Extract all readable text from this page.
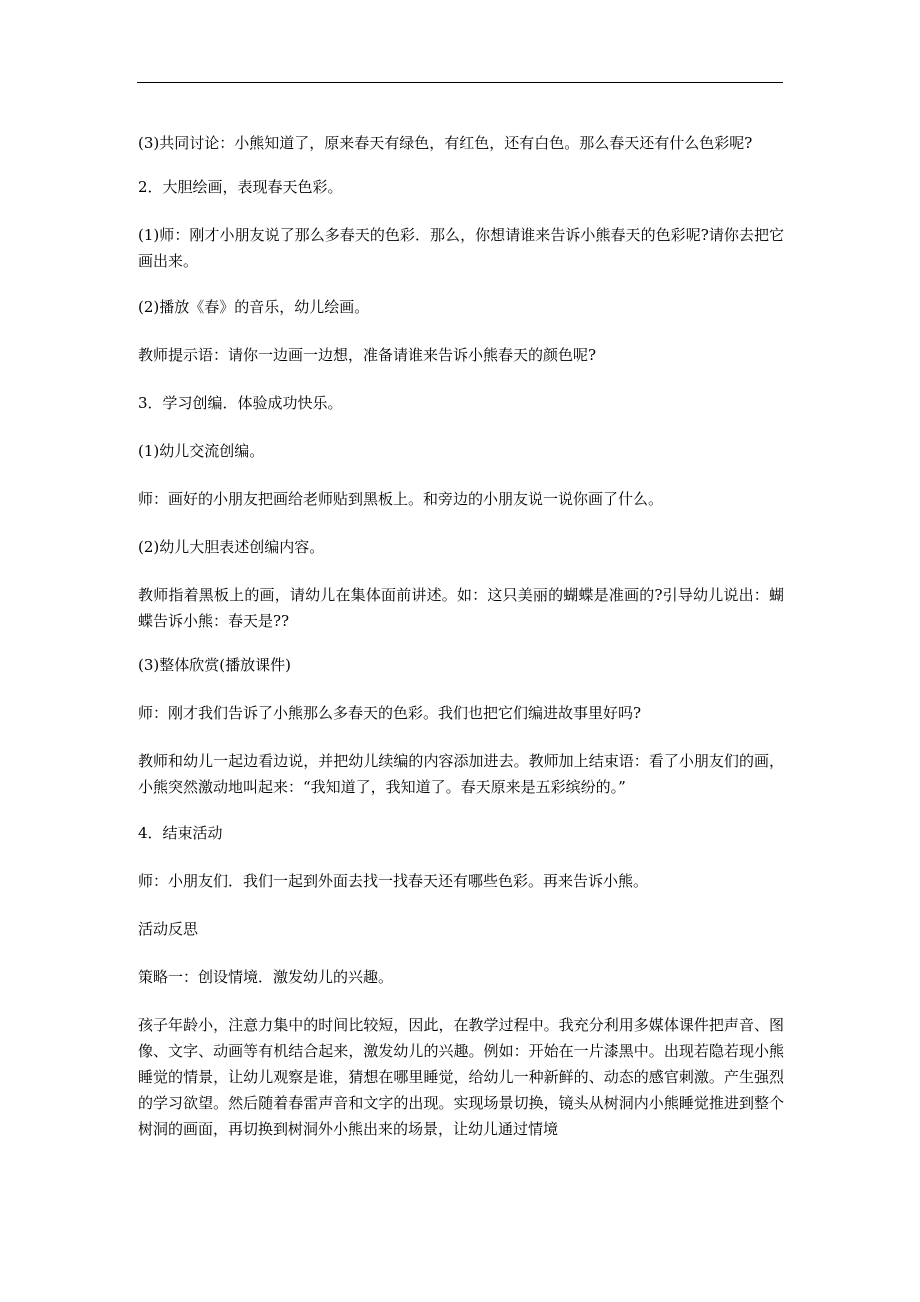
(3)共同讨论：小熊知道了，原来春天有绿色，有红色，还有白色。那么春天还有什么色彩呢?

2．大胆绘画，表现春天色彩。

(1)师：刚才小朋友说了那么多春天的色彩．那么，你想请谁来告诉小熊春天的色彩呢?请你去把它画出来。

(2)播放《春》的音乐，幼儿绘画。

教师提示语：请你一边画一边想，准备请谁来告诉小熊春天的颜色呢?

3．学习创编．体验成功快乐。

(1)幼儿交流创编。

师：画好的小朋友把画给老师贴到黑板上。和旁边的小朋友说一说你画了什么。

(2)幼儿大胆表述创编内容。

教师指着黑板上的画，请幼儿在集体面前讲述。如：这只美丽的蝴蝶是准画的?引导幼儿说出：蝴蝶告诉小熊：春天是??

(3)整体欣赏(播放课件)

师：刚才我们告诉了小熊那么多春天的色彩。我们也把它们编进故事里好吗?

教师和幼儿一起边看边说，并把幼儿续编的内容添加进去。教师加上结束语：看了小朋友们的画，小熊突然激动地叫起来：“我知道了，我知道了。春天原来是五彩缤纷的。”

4．结束活动

师：小朋友们．我们一起到外面去找一找春天还有哪些色彩。再来告诉小熊。

活动反思

策略一：创设情境．激发幼儿的兴趣。

孩子年龄小，注意力集中的时间比较短，因此，在教学过程中。我充分利用多媒体课件把声音、图像、文字、动画等有机结合起来，激发幼儿的兴趣。例如：开始在一片漆黑中。出现若隐若现小熊睡觉的情景，让幼儿观察是谁，猜想在哪里睡觉，给幼儿一种新鲜的、动态的感官刺激。产生强烈的学习欲望。然后随着春雷声音和文字的出现。实现场景切换，镜头从树洞内小熊睡觉推进到整个树洞的画面，再切换到树洞外小熊出来的场景，让幼儿通过情境
